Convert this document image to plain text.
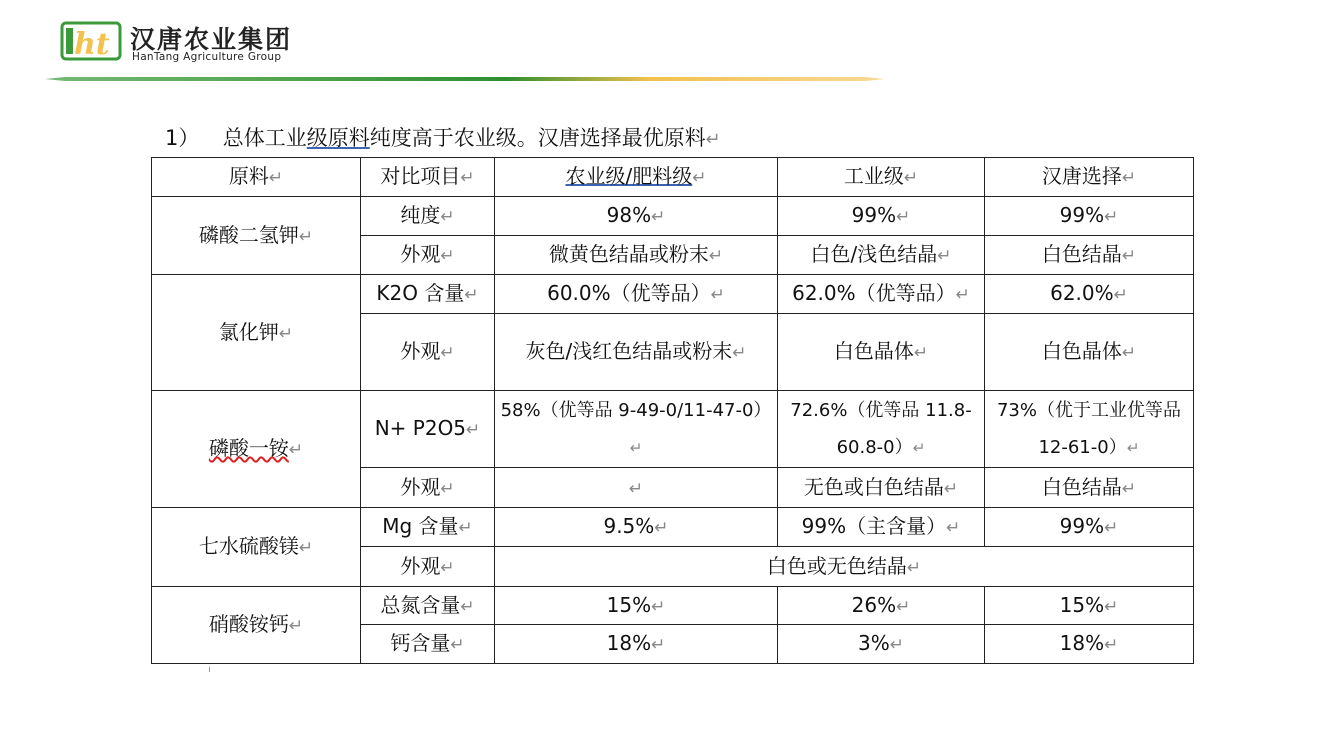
ht 汉唐农业集团
HanTang Agriculture Group
1） 总体工业级原料纯度高于农业级。汉唐选择最优原料↵
原料↵	对比项目↵	农业级/肥料级↵	工业级↵	汉唐选择↵
磷酸二氢钾↵	纯度↵	98%↵	99%↵	99%↵
	外观↵	微黄色结晶或粉末↵	白色/浅色结晶↵	白色结晶↵
氯化钾↵	K2O 含量↵	60.0%（优等品）↵	62.0%（优等品）↵	62.0%↵
	外观↵	灰色/浅红色结晶或粉末↵	白色晶体↵	白色晶体↵
磷酸一铵↵	N+ P2O5↵	58%（优等品 9-49-0/11-47-0）↵	72.6%（优等品 11.8-60.8-0）↵	73%（优于工业优等品 12-61-0）↵
	外观↵	↵	无色或白色结晶↵	白色结晶↵
七水硫酸镁↵	Mg 含量↵	9.5%↵	99%（主含量）↵	99%↵
	外观↵	白色或无色结晶↵		
硝酸铵钙↵	总氮含量↵	15%↵	26%↵	15%↵
	钙含量↵	18%↵	3%↵	18%↵
